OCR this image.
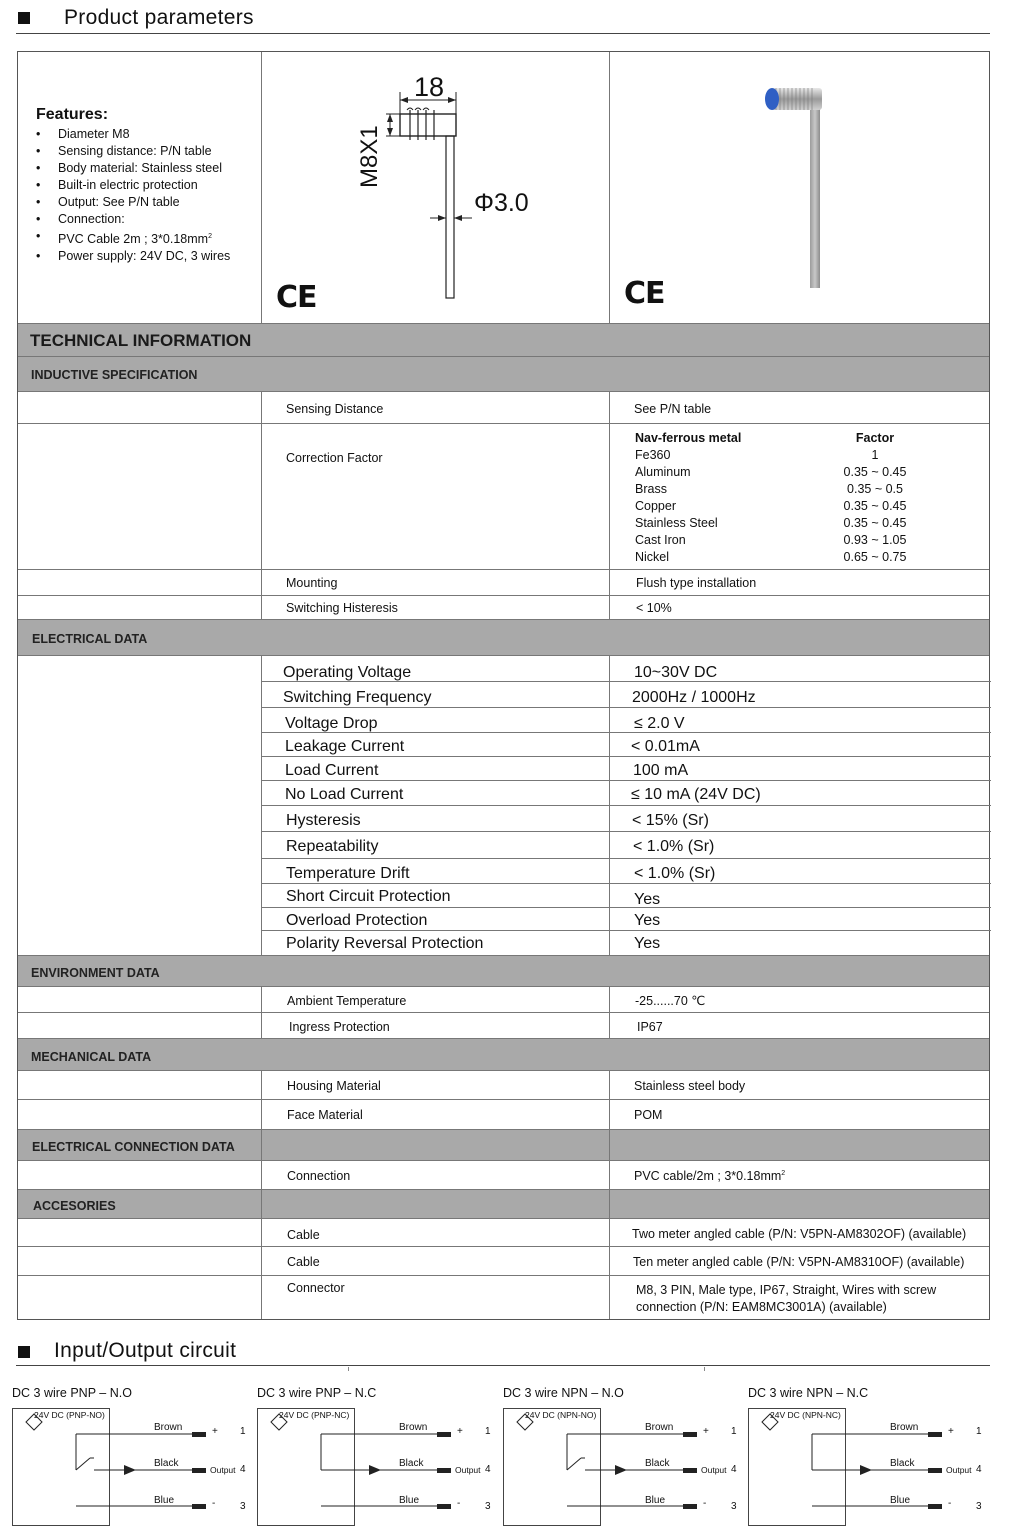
Product parameters
Features:
• Diameter M8
• Sensing distance: P/N table
• Body material: Stainless steel
• Built-in electric protection
• Output: See P/N table
• Connection:
• PVC Cable 2m ; $3*0.18mm^2$
• Power supply: 24V DC, 3 wires
18
M8X1
Φ3.0
CE	CE
TECHNICAL INFORMATION
INDUCTIVE SPECIFICATION
Sensing Distance	See P/N table
Correction Factor
Nav-ferrous metal	Factor
Fe360	1
Aluminum	0.35 ~ 0.45
Brass	0.35 ~ 0.5
Copper	0.35 ~ 0.45
Stainless Steel	0.35 ~ 0.45
Cast Iron	0.93 ~ 1.05
Nickel	0.65 ~ 0.75
Mounting	Flush type installation
Switching Histeresis	< 10%
ELECTRICAL DATA
Operating Voltage	10~30V DC
Switching Frequency	2000Hz / 1000Hz
Voltage Drop	≤ 2.0 V
Leakage Current	< 0.01mA
Load Current	100 mA
No Load Current	≤ 10 mA (24V DC)
Hysteresis	< 15% (Sr)
Repeatability	< 1.0% (Sr)
Temperature Drift	< 1.0% (Sr)
Short Circuit Protection	Yes
Overload Protection	Yes
Polarity Reversal Protection	Yes
ENVIRONMENT DATA
Ambient Temperature	-25......70 ℃
Ingress Protection	IP67
MECHANICAL DATA
Housing Material	Stainless steel body
Face Material	POM
ELECTRICAL CONNECTION DATA
Connection	PVC cable/2m ; $3*0.18mm^2$
ACCESORIES
Cable	Two meter angled cable (P/N: V5PN-AM8302OF) (available)
Cable	Ten meter angled cable (P/N: V5PN-AM8310OF) (available)
Connector	M8, 3 PIN, Male type, IP67, Straight, Wires with screw
connection (P/N: EAM8MC3001A) (available)
Input/Output circuit
DC 3 wire PNP – N.O
24V DC (PNP-NO)
Brown
Black
Blue
+
Output
-
1
4
3
DC 3 wire PNP – N.C
24V DC (PNP-NC)
Brown
Black
Blue
+
Output
-
1
4
3
DC 3 wire NPN – N.O
24V DC (NPN-NO)
Brown
Black
Blue
+
Output
-
1
4
3
DC 3 wire NPN – N.C
24V DC (NPN-NC)
Brown
Black
Blue
+
Output
-
1
4
3
